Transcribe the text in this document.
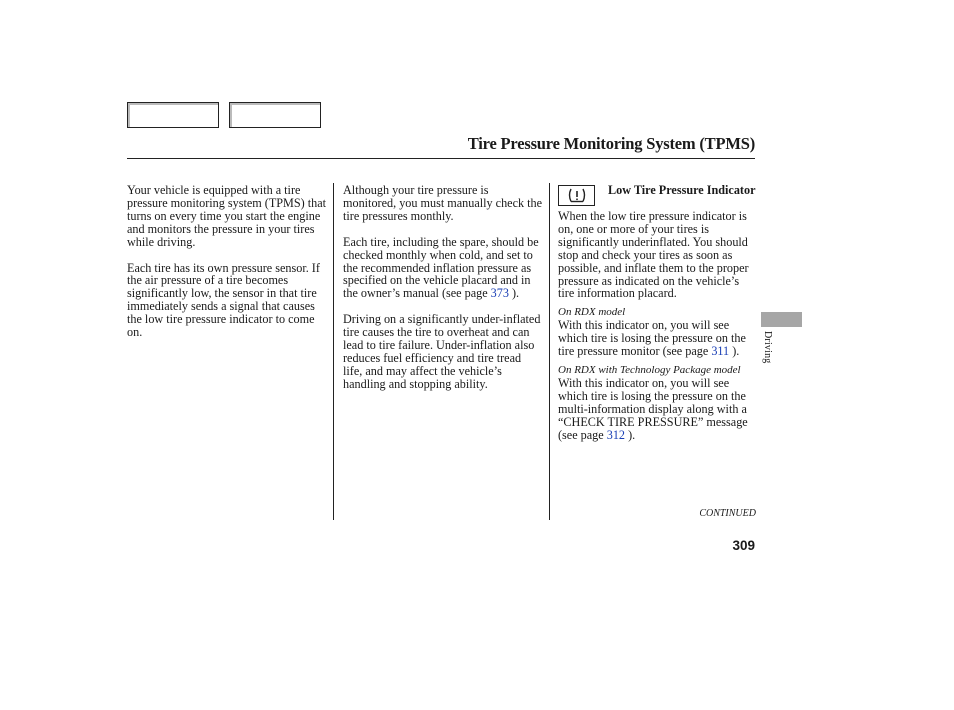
Tire Pressure Monitoring System (TPMS)

Your vehicle is equipped with a tire pressure monitoring system (TPMS) that turns on every time you start the engine and monitors the pressure in your tires while driving.

Each tire has its own pressure sensor. If the air pressure of a tire becomes significantly low, the sensor in that tire immediately sends a signal that causes the low tire pressure indicator to come on.

Although your tire pressure is monitored, you must manually check the tire pressures monthly.

Each tire, including the spare, should be checked monthly when cold, and set to the recommended inflation pressure as specified on the vehicle placard and in the owner’s manual (see page 373 ).

Driving on a significantly under-inflated tire causes the tire to overheat and can lead to tire failure. Under-inflation also reduces fuel efficiency and tire tread life, and may affect the vehicle’s handling and stopping ability.

Low Tire Pressure Indicator

When the low tire pressure indicator is on, one or more of your tires is significantly underinflated. You should stop and check your tires as soon as possible, and inflate them to the proper pressure as indicated on the vehicle’s tire information placard.

On RDX model

With this indicator on, you will see which tire is losing the pressure on the tire pressure monitor (see page 311 ).

On RDX with Technology Package model

With this indicator on, you will see which tire is losing the pressure on the multi-information display along with a “CHECK TIRE PRESSURE” message (see page 312 ).

CONTINUED
309
Driving
